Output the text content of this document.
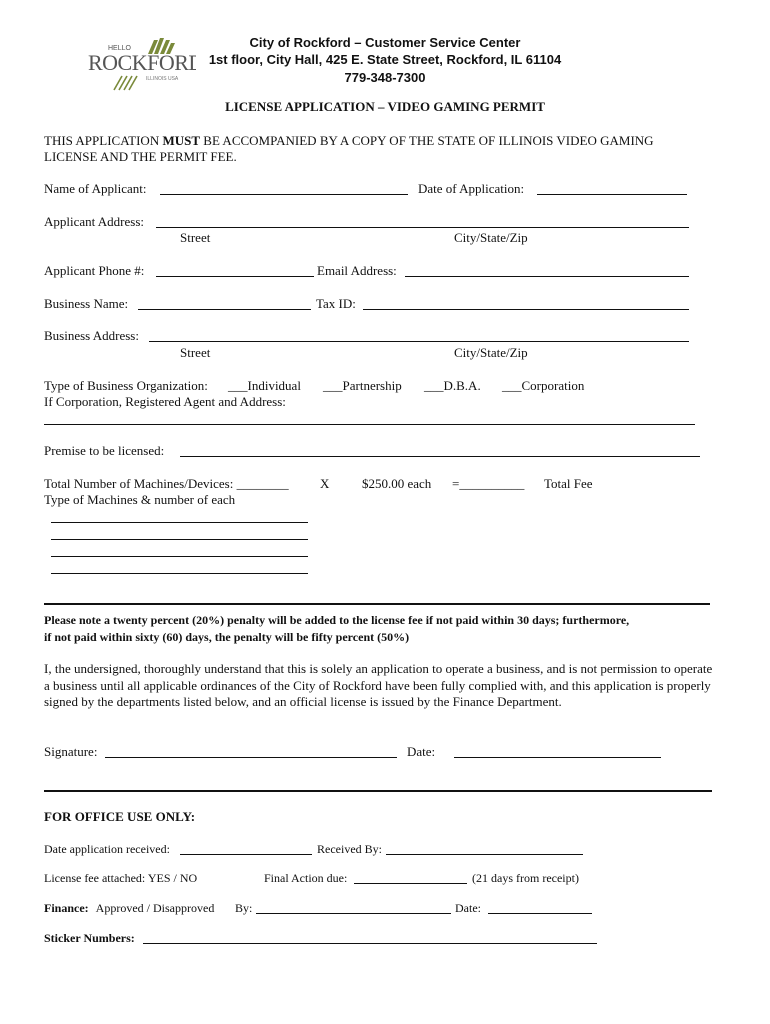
HELLO
ROCKFORD
ILLINOIS USA
City of Rockford – Customer Service Center
1st floor, City Hall, 425 E. State Street, Rockford, IL 61104
779-348-7300
LICENSE APPLICATION – VIDEO GAMING PERMIT
THIS APPLICATION MUST BE ACCOMPANIED BY A COPY OF THE STATE OF ILLINOIS VIDEO GAMING
LICENSE AND THE PERMIT FEE.
Name of Applicant:	Date of Application:
Applicant Address:
Street	City/State/Zip
Applicant Phone #:	Email Address:
Business Name:	Tax ID:
Business Address:
Street	City/State/Zip
Type of Business Organization: ___Individual ___Partnership ___D.B.A. ___Corporation
If Corporation, Registered Agent and Address:
Premise to be licensed:
Total Number of Machines/Devices: ________ X	$250.00 each =__________ Total Fee
Type of Machines & number of each
Please note a twenty percent (20%) penalty will be added to the license fee if not paid within 30 days; furthermore,
if not paid within sixty (60) days, the penalty will be fifty percent (50%)
I, the undersigned, thoroughly understand that this is solely an application to operate a business, and is not permission to operate a business until all applicable ordinances of the City of Rockford have been fully complied with, and this application is properly signed by the departments listed below, and an official license is issued by the Finance Department.
Signature:	Date:
FOR OFFICE USE ONLY:
Date application received:	Received By:
License fee attached: YES / NO	Final Action due:	(21 days from receipt)
Finance: Approved / Disapproved By:	Date:
Sticker Numbers:
